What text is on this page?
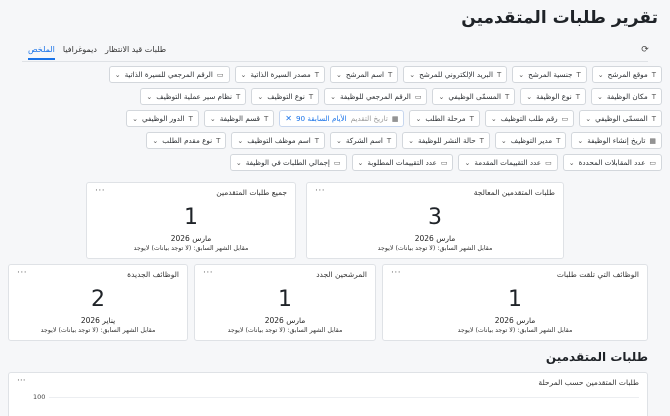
تقرير طلبات المتقدمين
⟳
الملخص ديموغرافيا طلبات قيد الانتظار
T
موقع المرشح
⌄
T
جنسية المرشح
⌄
T
البريد الإلكتروني للمرشح
⌄
T
اسم المرشح
⌄
T
مصدر السيرة الذاتية
⌄
▭
الرقم المرجعي للسيرة الذاتية
⌄
T
مكان الوظيفة
⌄
T
نوع الوظيفة
⌄
T
المسمّى الوظيفي
⌄
▭
الرقم المرجعي للوظيفة
⌄
T
نوع التوظيف
⌄
T
نظام سير عملية التوظيف
⌄
T
المسمّى الوظيفي
⌄
▭
رقم طلب التوظيف
⌄
T
مرحلة الطلب
⌄
▦
تاريخ التقديم
الأيام السابقة 90
✕
T
قسم الوظيفة
⌄
T
الدور الوظيفي
⌄
▦
تاريخ إنشاء الوظيفة
⌄
T
مدير التوظيف
⌄
T
حالة النشر للوظيفة
⌄
T
اسم الشركة
⌄
T
اسم موظف التوظيف
⌄
T
نوع مقدم الطلب
⌄
▭
عدد المقابلات المحددة
⌄
▭
عدد التقييمات المقدمة
⌄
▭
عدد التقييمات المطلوبة
⌄
▭
إجمالي الطلبات في الوظيفة
⌄
طلبات المتقدمين المعالجة
···
3
مارس 2026
مقابل الشهر السابق: (لا توجد بيانات) لايوجد
جميع طلبات المتقدمين
···
1
مارس 2026
مقابل الشهر السابق: (لا توجد بيانات) لايوجد
الوظائف التي تلقت طلبات
···
1
مارس 2026
مقابل الشهر السابق: (لا توجد بيانات) لايوجد
المرشحين الجدد
···
1
مارس 2026
مقابل الشهر السابق: (لا توجد بيانات) لايوجد
الوظائف الجديدة
···
2
يناير 2026
مقابل الشهر السابق: (لا توجد بيانات) لايوجد
طلبات المتقدمين
طلبات المتقدمين حسب المرحلة
···
100
